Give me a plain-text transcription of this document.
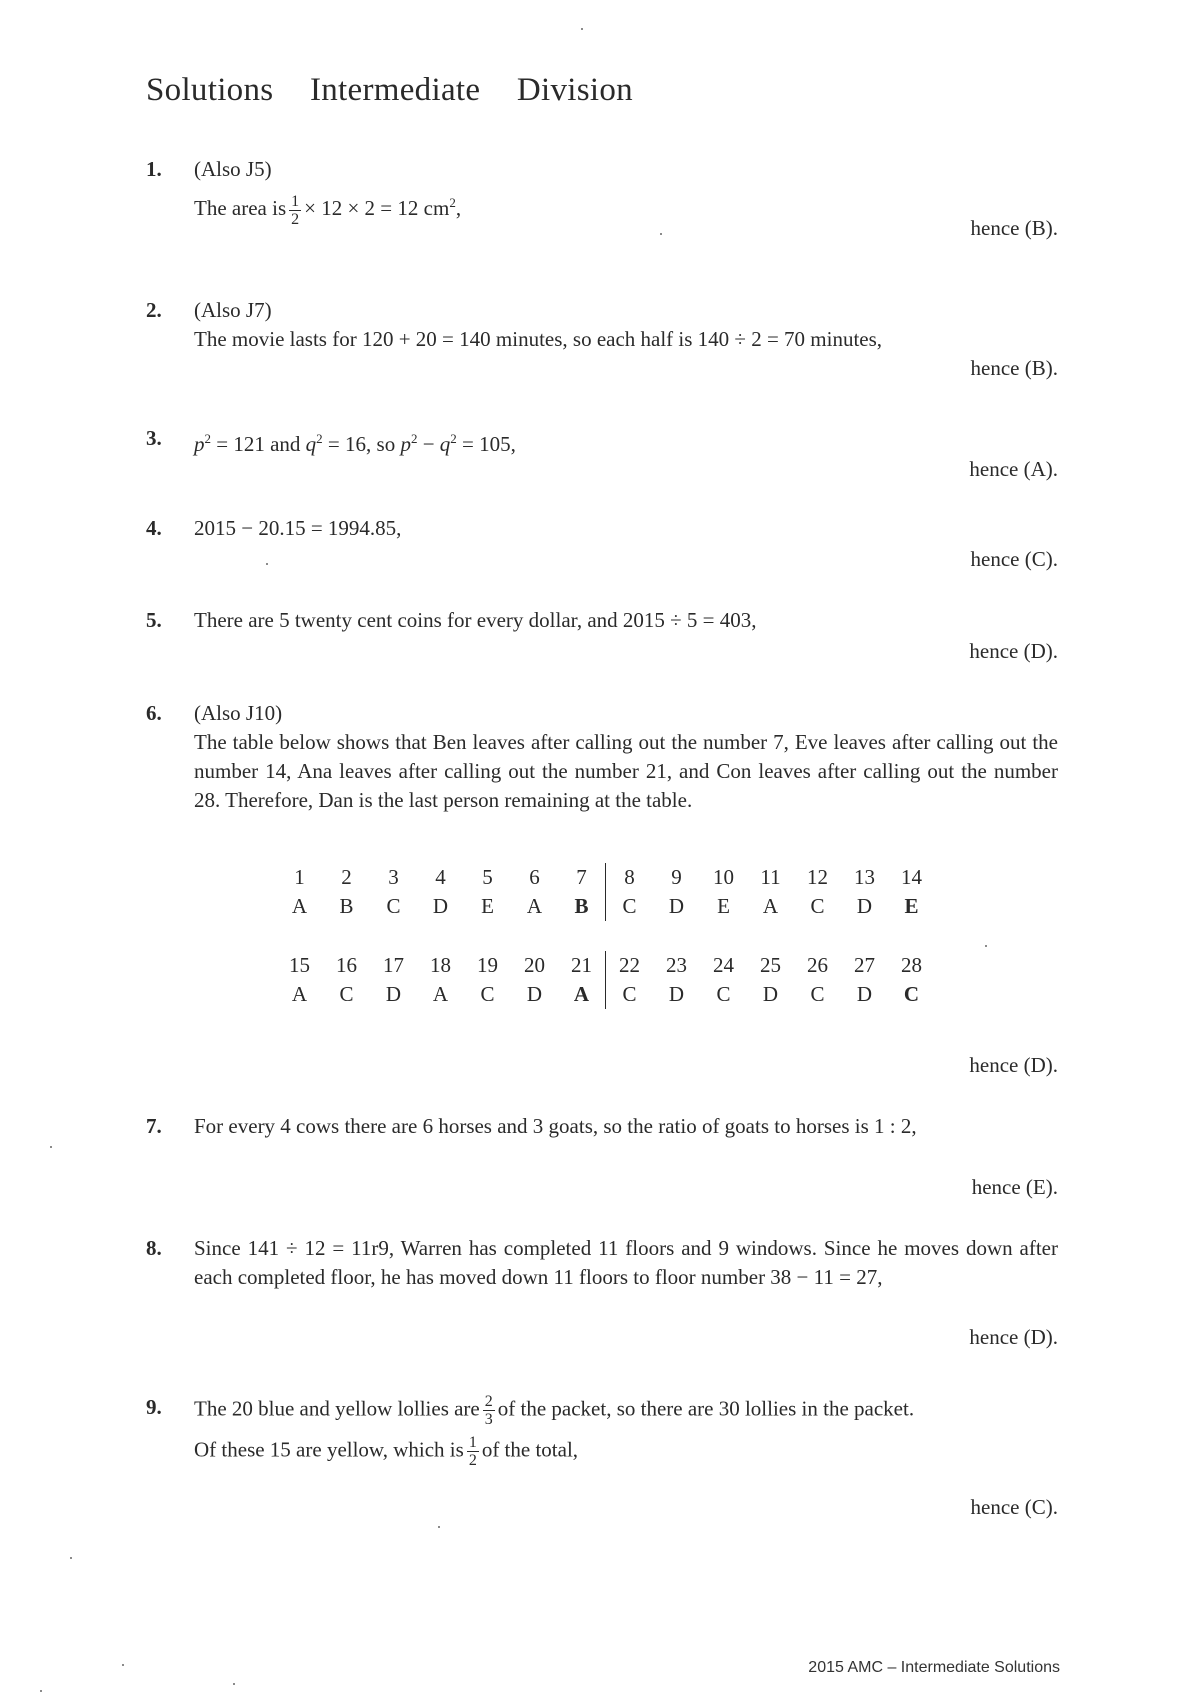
Solutions Intermediate Division
1. (Also J5)
The area is $\frac{1}{2} \times 12 \times 2 = 12$ $cm^2$,
hence (B).
2. (Also J7)
The movie lasts for 120 + 20 = 140 minutes, so each half is 140 ÷ 2 = 70 minutes,
hence (B).
3. $p^2 = 121$ and $q^2 = 16$, so $p^2 - q^2 = 105$,
hence (A).
4. 2015 − 20.15 = 1994.85,
hence (C).
5. There are 5 twenty cent coins for every dollar, and 2015 ÷ 5 = 403,
hence (D).
6. (Also J10)
The table below shows that Ben leaves after calling out the number 7, Eve leaves after calling out the number 14, Ana leaves after calling out the number 21, and Con leaves after calling out the number 28. Therefore, Dan is the last person remaining at the table.
hence (D).
1	2	3	4	5	6	7	8	9	10	11	12	13	14
A	B	C	D	E	A	B	C	D	E	A	C	D	E
15	16	17	18	19	20	21	22	23	24	25	26	27	28
A	C	D	A	C	D	A	C	D	C	D	C	D	C
7. For every 4 cows there are 6 horses and 3 goats, so the ratio of goats to horses is 1 : 2,
hence (E).
8. Since 141 ÷ 12 = 11r9, Warren has completed 11 floors and 9 windows. Since he moves down after each completed floor, he has moved down 11 floors to floor number 38 − 11 = 27,
hence (D).
9. The 20 blue and yellow lollies are $\frac{2}{3}$ of the packet, so there are 30 lollies in the packet.
Of these 15 are yellow, which is $\frac{1}{2}$ of the total,
hence (C).
2015 AMC – Intermediate Solutions
